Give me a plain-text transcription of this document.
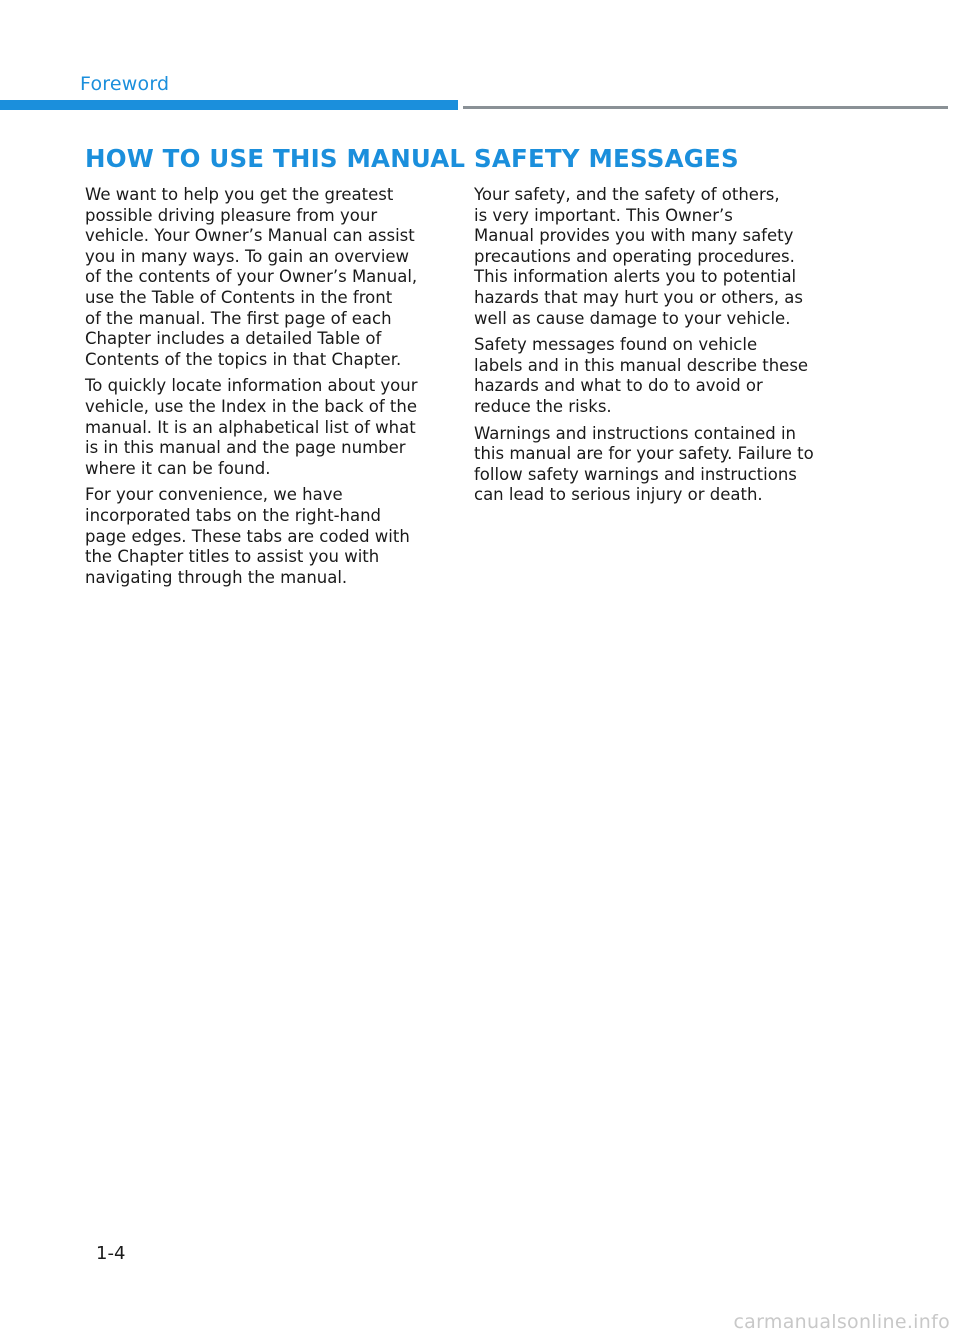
Foreword
HOW TO USE THIS MANUAL

We want to help you get the greatest
possible driving pleasure from your
vehicle. Your Owner’s Manual can assist
you in many ways. To gain an overview
of the contents of your Owner’s Manual,
use the Table of Contents in the front
of the manual. The first page of each
Chapter includes a detailed Table of
Contents of the topics in that Chapter.

To quickly locate information about your
vehicle, use the Index in the back of the
manual. It is an alphabetical list of what
is in this manual and the page number
where it can be found.

For your convenience, we have
incorporated tabs on the right-hand
page edges. These tabs are coded with
the Chapter titles to assist you with
navigating through the manual.

SAFETY MESSAGES

Your safety, and the safety of others,
is very important. This Owner’s
Manual provides you with many safety
precautions and operating procedures.
This information alerts you to potential
hazards that may hurt you or others, as
well as cause damage to your vehicle.

Safety messages found on vehicle
labels and in this manual describe these
hazards and what to do to avoid or
reduce the risks.

Warnings and instructions contained in
this manual are for your safety. Failure to
follow safety warnings and instructions
can lead to serious injury or death.

1-4
carmanualsonline.info
